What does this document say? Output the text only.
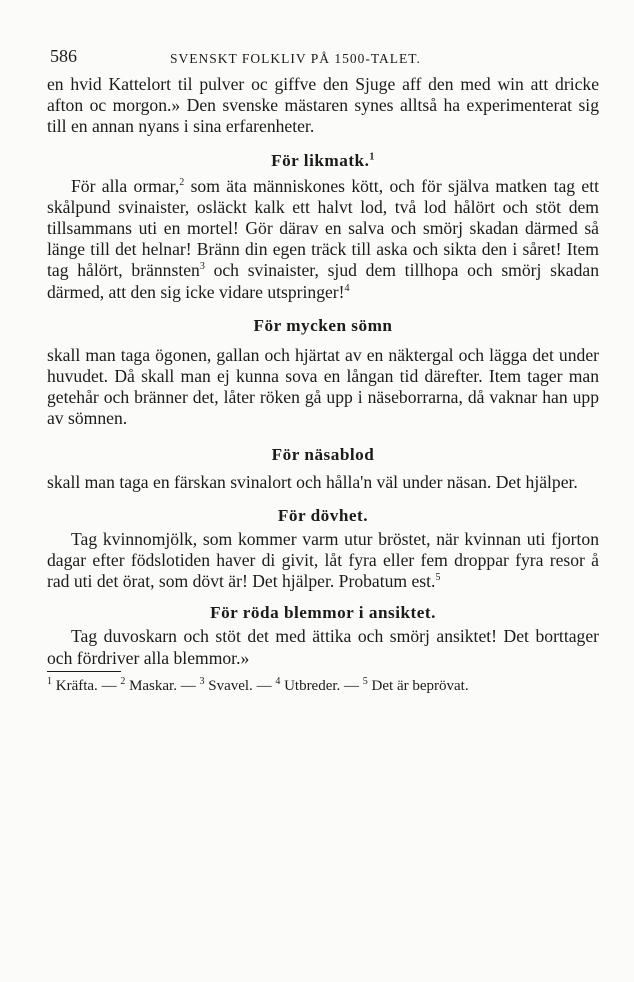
586	SVENSKT FOLKLIV PÅ 1500-TALET.

en hvid Kattelort til pulver oc giffve den Sjuge aff den med win att dricke afton oc morgon.» Den svenske mästaren synes alltså ha experimenterat sig till en annan nyans i sina erfarenheter.

För likmatk.$^1$

För alla ormar,$^2$ som äta människones kött, och för själva matken tag ett skålpund svinaister, osläckt kalk ett halvt lod, två lod hålört och stöt dem tillsammans uti en mortel! Gör därav en salva och smörj skadan därmed så länge till det helnar! Bränn din egen träck till aska och sikta den i såret! Item tag hålört, brännsten$^3$ och svinaister, sjud dem tillhopa och smörj skadan därmed, att den sig icke vidare utspringer!$^4$

För mycken sömn

skall man taga ögonen, gallan och hjärtat av en näktergal och lägga det under huvudet. Då skall man ej kunna sova en långan tid därefter. Item tager man getehår och bränner det, låter röken gå upp i näseborrarna, då vaknar han upp av sömnen.

För näsablod

skall man taga en färskan svinalort och hålla'n väl under näsan. Det hjälper.

För dövhet.

Tag kvinnomjölk, som kommer varm utur bröstet, när kvinnan uti fjorton dagar efter födslotiden haver di givit, låt fyra eller fem droppar fyra resor å rad uti det örat, som dövt är! Det hjälper. Probatum est.$^5$

För röda blemmor i ansiktet.

Tag duvoskarn och stöt det med ättika och smörj ansiktet! Det borttager och fördriver alla blemmor.»

$^1$ Kräfta. — $^2$ Maskar. — $^3$ Svavel. — $^4$ Utbreder. — $^5$ Det är beprövat.
